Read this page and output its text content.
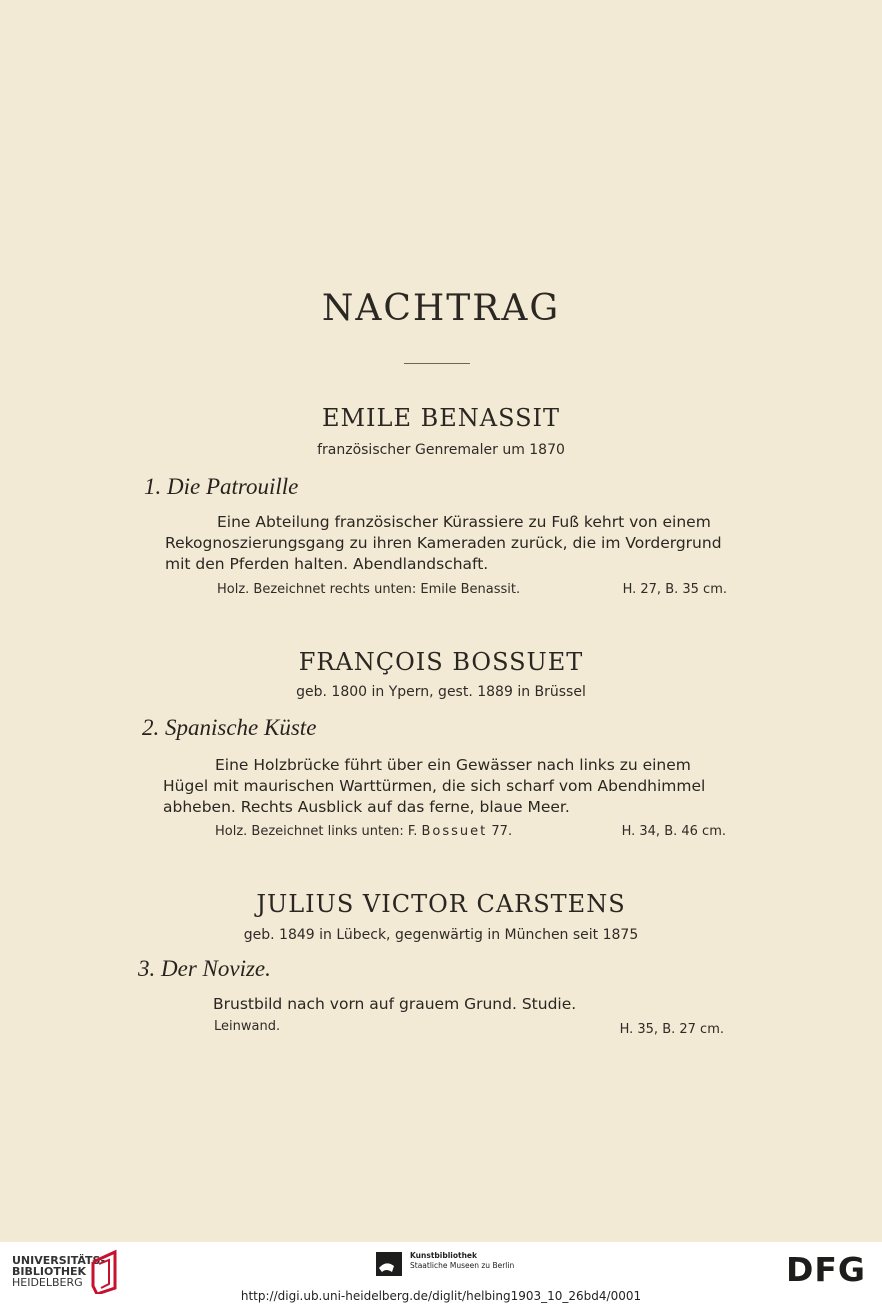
NACHTRAG
EMILE BENASSIT
französischer Genremaler um 1870
1. Die Patrouille
Eine Abteilung französischer Kürassiere zu Fuß kehrt von einem
Rekognoszierungsgang zu ihren Kameraden zurück, die im Vordergrund
mit den Pferden halten. Abendlandschaft.
Holz. Bezeichnet rechts unten: Emile Benassit.	H. 27, B. 35 cm.
FRANÇOIS BOSSUET
geb. 1800 in Ypern, gest. 1889 in Brüssel
2. Spanische Küste
Eine Holzbrücke führt über ein Gewässer nach links zu einem
Hügel mit maurischen Warttürmen, die sich scharf vom Abendhimmel
abheben. Rechts Ausblick auf das ferne, blaue Meer.
Holz. Bezeichnet links unten: F. Bossuet 77.	H. 34, B. 46 cm.
JULIUS VICTOR CARSTENS
geb. 1849 in Lübeck, gegenwärtig in München seit 1875
3. Der Novize.
Brustbild nach vorn auf grauem Grund. Studie.
Leinwand.	H. 35, B. 27 cm.
UNIVERSITÄTS-
BIBLIOTHEK
HEIDELBERG
Kunstbibliothek
Staatliche Museen zu Berlin	DFG
http://digi.ub.uni-heidelberg.de/diglit/helbing1903_10_26bd4/0001
